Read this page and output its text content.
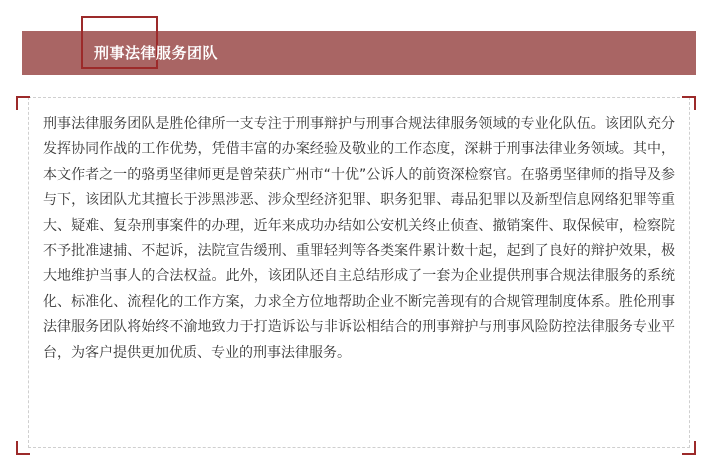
刑事法律服务团队

刑事法律服务团队是胜伦律所一支专注于刑事辩护与刑事合规法律服务领域的专业化队伍。该团队充分发挥协同作战的工作优势，凭借丰富的办案经验及敬业的工作态度，深耕于刑事法律业务领域。其中，本文作者之一的骆勇坚律师更是曾荣获广州市“十优”公诉人的前资深检察官。在骆勇坚律师的指导及参与下，该团队尤其擅长于涉黑涉恶、涉众型经济犯罪、职务犯罪、毒品犯罪以及新型信息网络犯罪等重大、疑难、复杂刑事案件的办理，近年来成功办结如公安机关终止侦查、撤销案件、取保候审，检察院不予批准逮捕、不起诉，法院宣告缓刑、重罪轻判等各类案件累计数十起，起到了良好的辩护效果，极大地维护当事人的合法权益。此外，该团队还自主总结形成了一套为企业提供刑事合规法律服务的系统化、标准化、流程化的工作方案，力求全方位地帮助企业不断完善现有的合规管理制度体系。胜伦刑事法律服务团队将始终不渝地致力于打造诉讼与非诉讼相结合的刑事辩护与刑事风险防控法律服务专业平台，为客户提供更加优质、专业的刑事法律服务。
